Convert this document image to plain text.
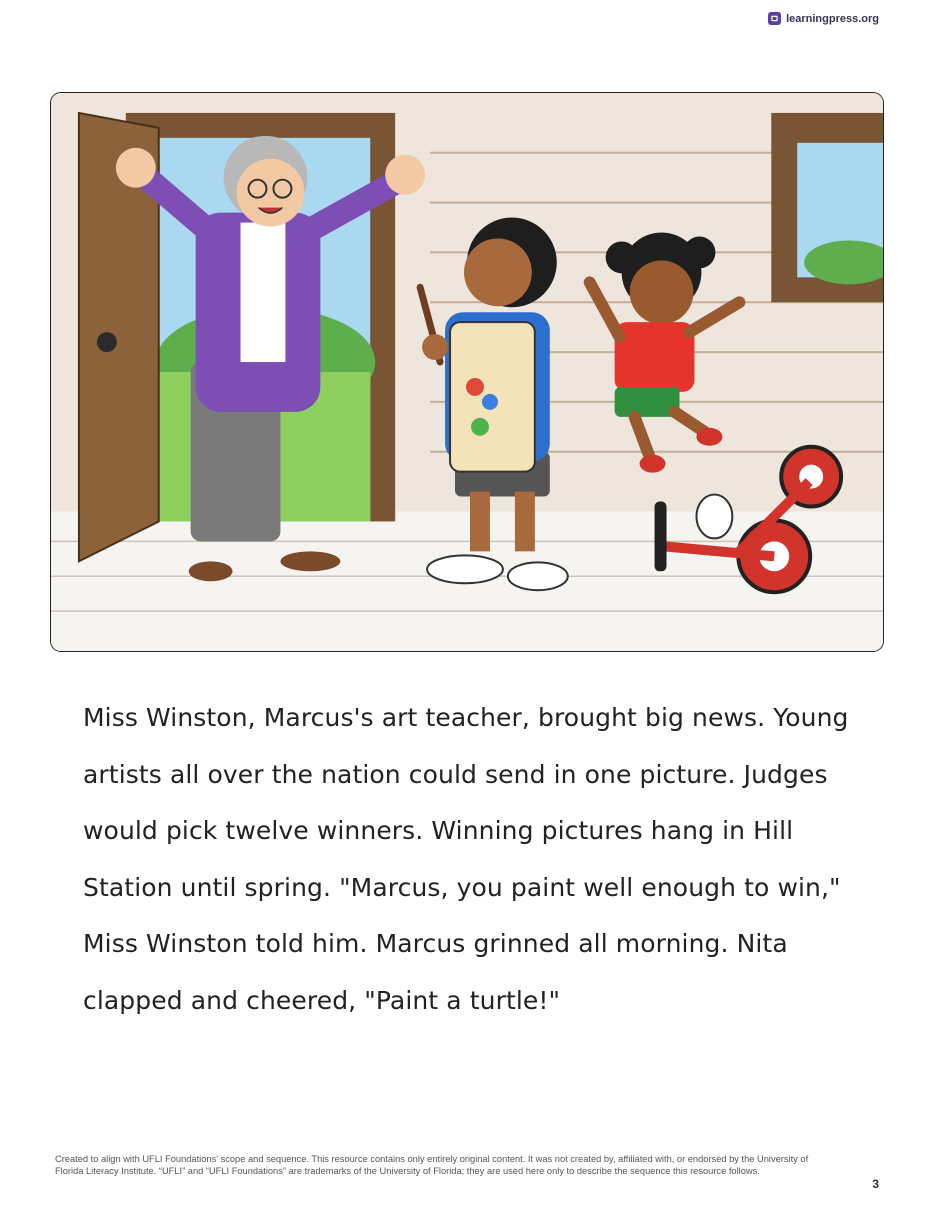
learningpress.org

Miss Winston, Marcus's art teacher, brought big news. Young artists all over the nation could send in one picture. Judges would pick twelve winners. Winning pictures hang in Hill Station until spring. "Marcus, you paint well enough to win," Miss Winston told him. Marcus grinned all morning. Nita clapped and cheered, "Paint a turtle!"

Created to align with UFLI Foundations' scope and sequence. This resource contains only entirely original content. It was not created by, affiliated with, or endorsed by the University of Florida Literacy Institute. “UFLI” and “UFLI Foundations” are trademarks of the University of Florida; they are used here only to describe the sequence this resource follows.
3
